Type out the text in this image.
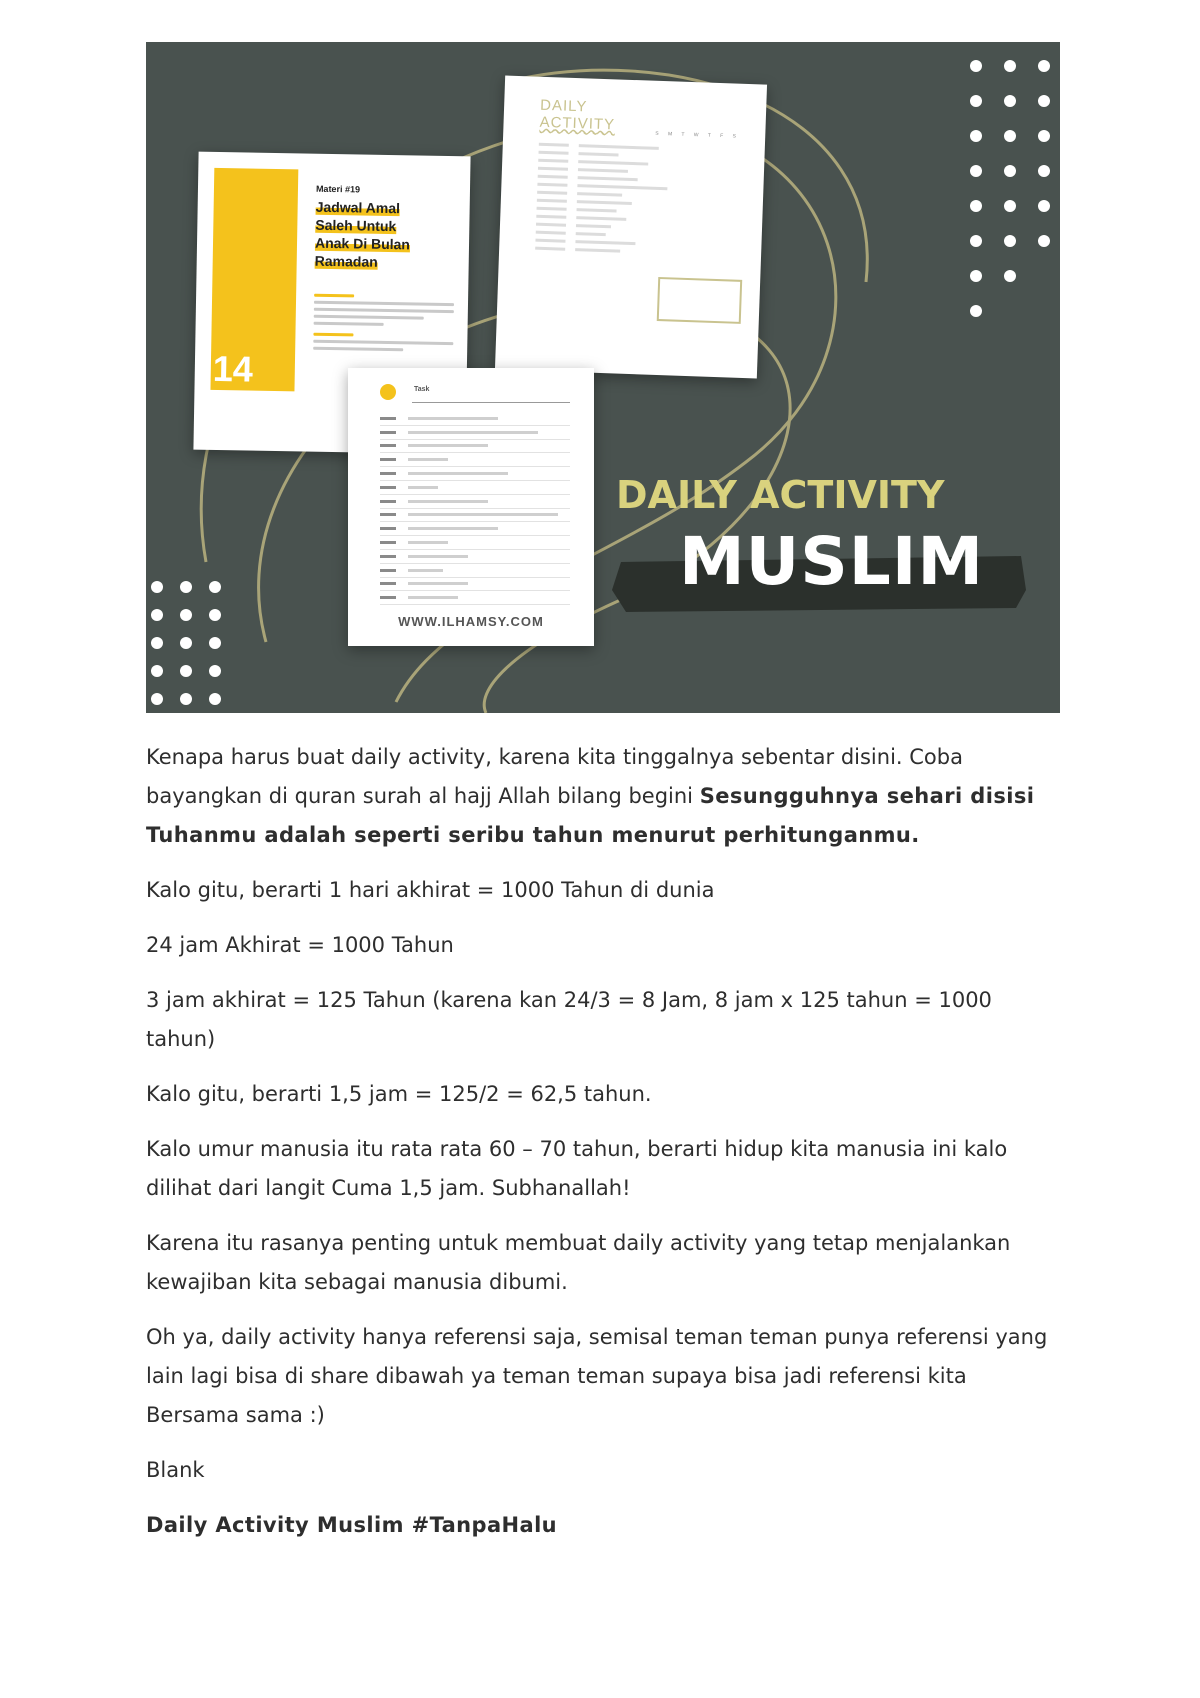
DAILY
ACTIVITY
S M T W T F S
14
Materi #19
Jadwal Amal
Saleh Untuk
Anak Di Bulan
Ramadan
Task
WWW.ILHAMSY.COM
DAILY ACTIVITY
MUSLIM

Kenapa harus buat daily activity, karena kita tinggalnya sebentar disini. Coba bayangkan di quran surah al hajj Allah bilang begini Sesungguhnya sehari disisi Tuhanmu adalah seperti seribu tahun menurut perhitunganmu.

Kalo gitu, berarti 1 hari akhirat = 1000 Tahun di dunia

24 jam Akhirat = 1000 Tahun

3 jam akhirat = 125 Tahun (karena kan 24/3 = 8 Jam, 8 jam x 125 tahun = 1000 tahun)

Kalo gitu, berarti 1,5 jam = 125/2 = 62,5 tahun.

Kalo umur manusia itu rata rata 60 – 70 tahun, berarti hidup kita manusia ini kalo dilihat dari langit Cuma 1,5 jam. Subhanallah!

Karena itu rasanya penting untuk membuat daily activity yang tetap menjalankan kewajiban kita sebagai manusia dibumi.

Oh ya, daily activity hanya referensi saja, semisal teman teman punya referensi yang lain lagi bisa di share dibawah ya teman teman supaya bisa jadi referensi kita Bersama sama :)

Blank

Daily Activity Muslim #TanpaHalu
